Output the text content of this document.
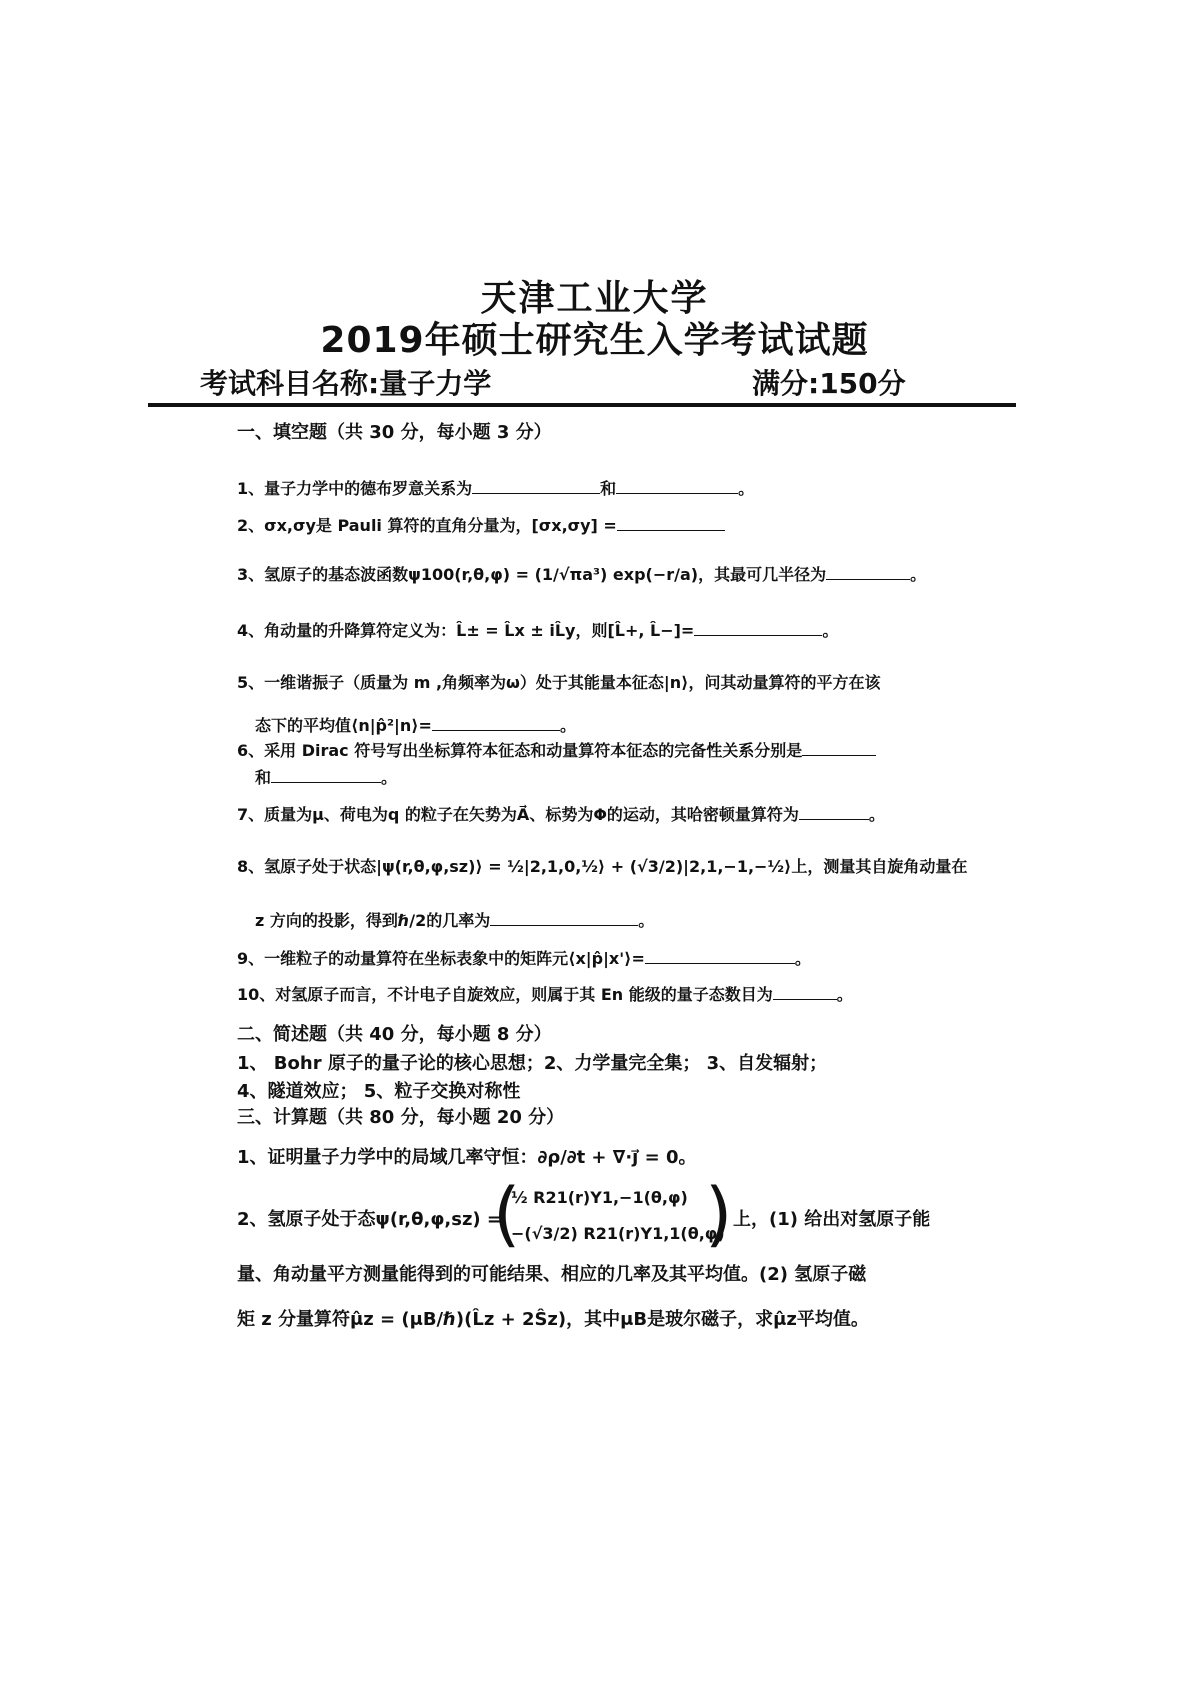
天津工业大学
2019年硕士研究生入学考试试题
考试科目名称:量子力学	满分:150分
一、填空题（共 30 分，每小题 3 分）
1、量子力学中的德布罗意关系为	和	。
2、σx,σy是 Pauli 算符的直角分量为，[σx,σy] =
3、氢原子的基态波函数ψ100(r,θ,φ) = (1/√πa³) exp(−r/a)，其最可几半径为	。
4、角动量的升降算符定义为：L̂± = L̂x ± iL̂y，则[L̂+, L̂−]=	。
5、一维谐振子（质量为 m ,角频率为ω）处于其能量本征态|n⟩，问其动量算符的平方在该
态下的平均值⟨n|p̂²|n⟩=	。
6、采用 Dirac 符号写出坐标算符本征态和动量算符本征态的完备性关系分别是
和	。
7、质量为μ、荷电为q 的粒子在矢势为A⃗、标势为Φ的运动，其哈密顿量算符为	。
8、氢原子处于状态|ψ(r,θ,φ,sz)⟩ = ½|2,1,0,½⟩ + (√3/2)|2,1,−1,−½⟩上，测量其自旋角动量在
z 方向的投影，得到ℏ/2的几率为	。
9、一维粒子的动量算符在坐标表象中的矩阵元⟨x|p̂|x'⟩=	。
10、对氢原子而言，不计电子自旋效应，则属于其 En 能级的量子态数目为	。
二、简述题（共 40 分，每小题 8 分）
1、 Bohr 原子的量子论的核心思想；2、力学量完全集； 3、自发辐射；
4、隧道效应； 5、粒子交换对称性
三、计算题（共 80 分，每小题 20 分）
1、证明量子力学中的局域几率守恒：∂ρ/∂t + ∇·j⃗ = 0。
2、氢原子处于态ψ(r,θ,φ,sz) =
(
½ R21(r)Y1,−1(θ,φ)
−(√3/2) R21(r)Y1,1(θ,φ)
) 上，(1) 给出对氢原子能
量、角动量平方测量能得到的可能结果、相应的几率及其平均值。(2) 氢原子磁
矩 z 分量算符μ̂z = (μB/ℏ)(L̂z + 2Ŝz)，其中μB是玻尔磁子，求μ̂z平均值。
